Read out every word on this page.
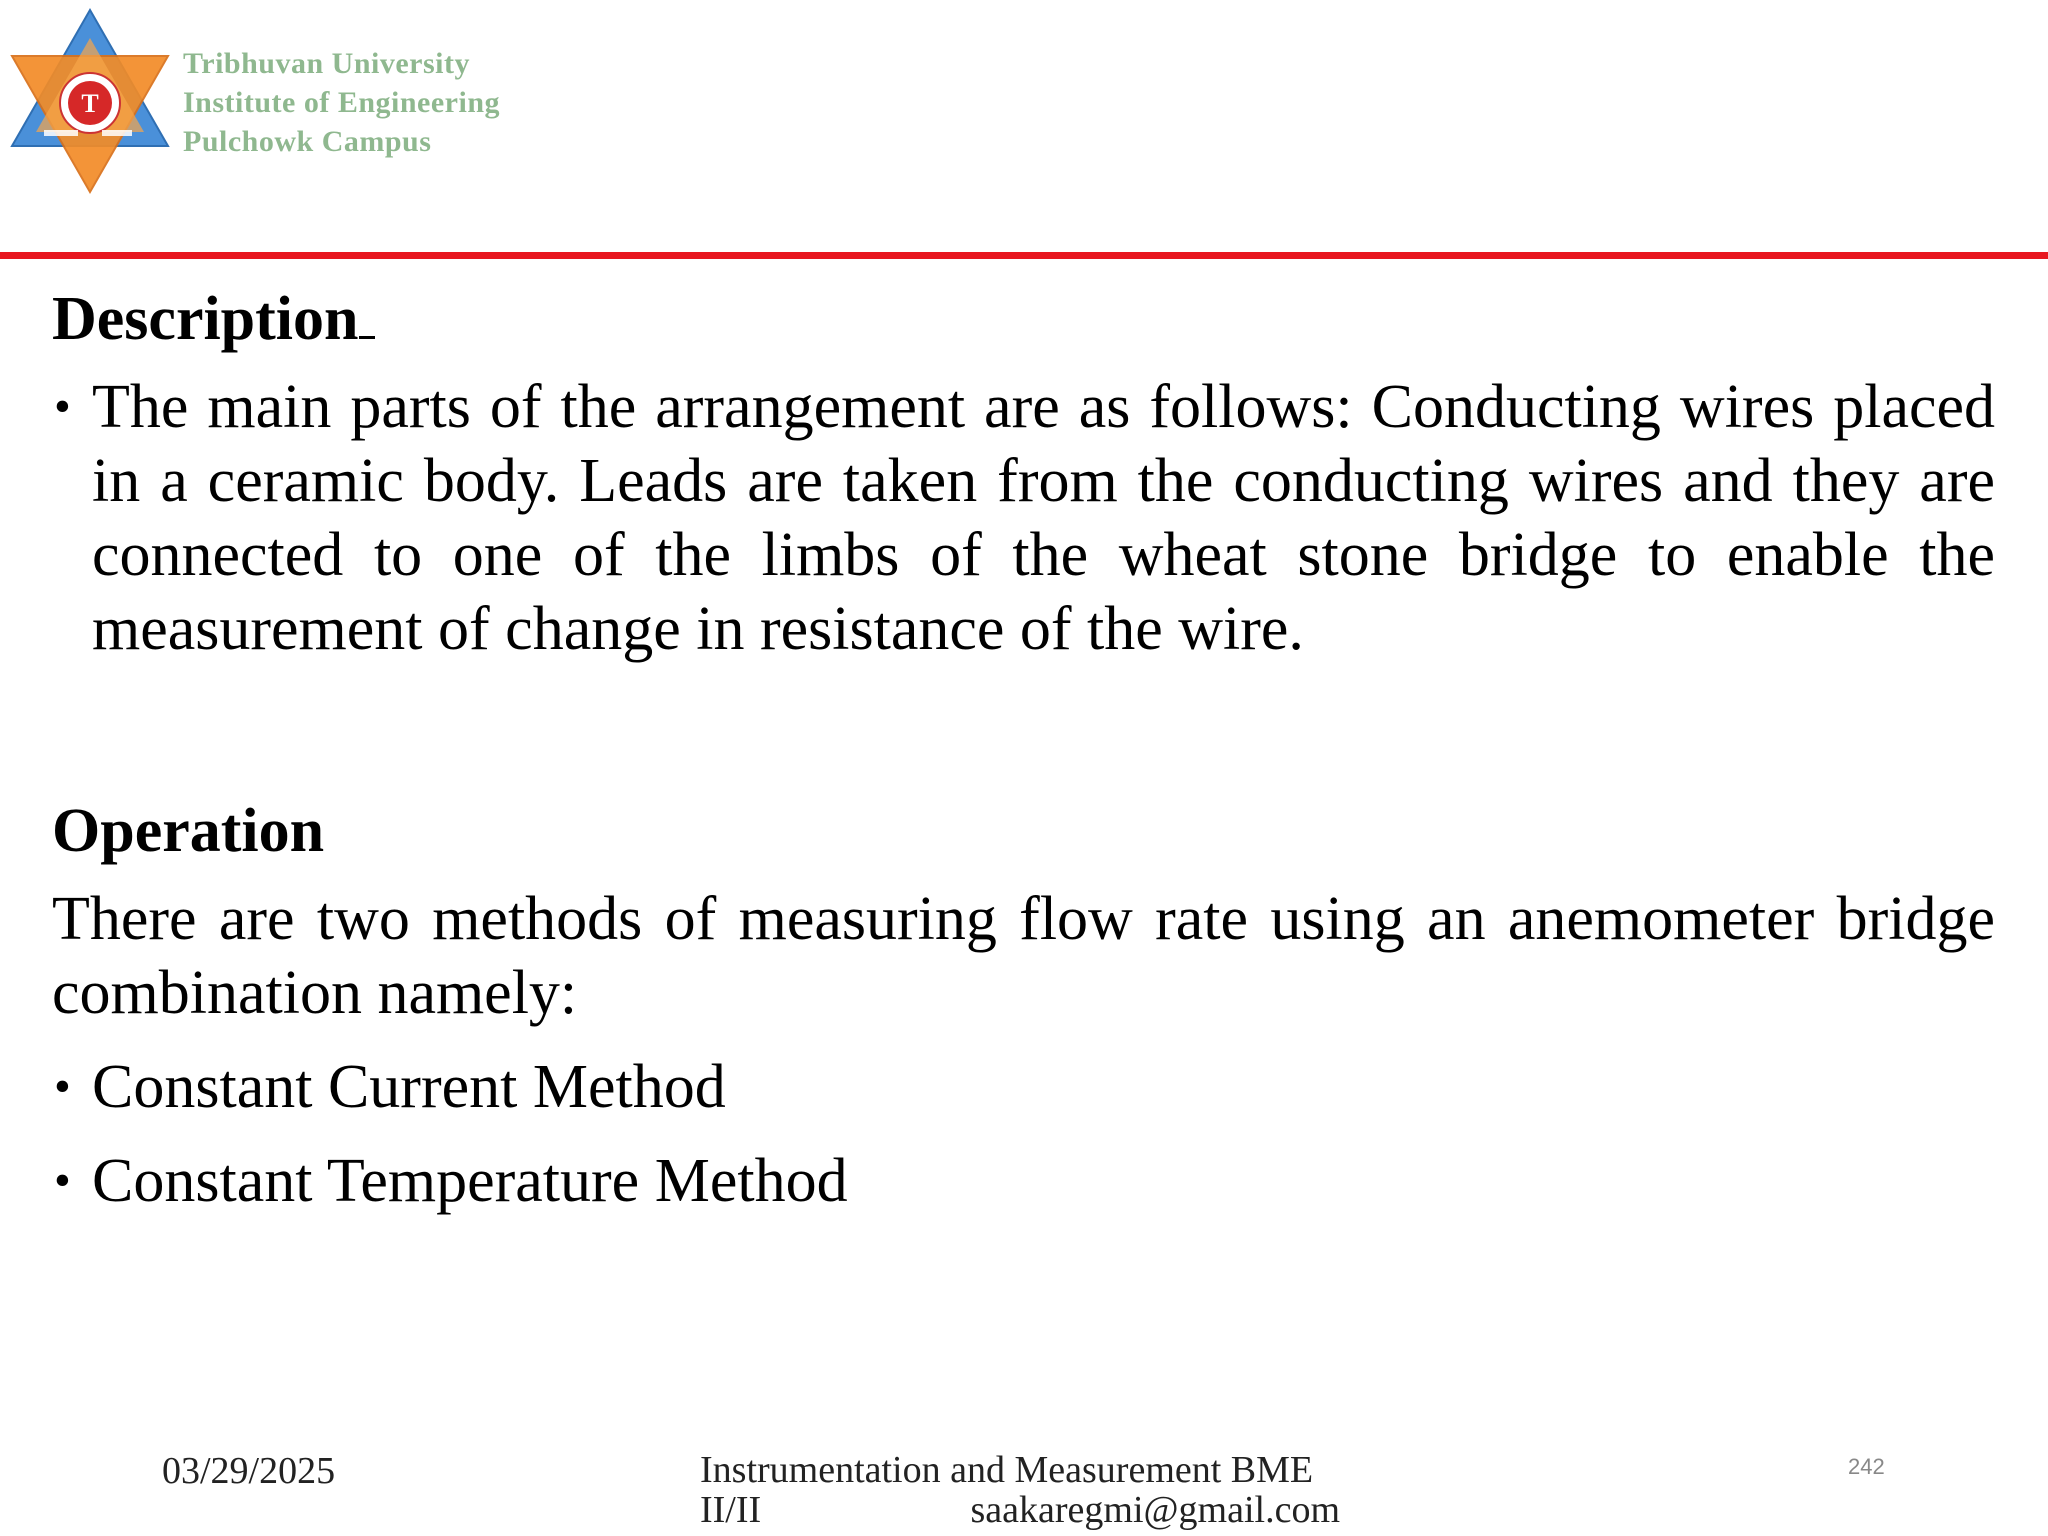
T
Tribhuvan University
Institute of Engineering
Pulchowk Campus
Description
• The main parts of the arrangement are as follows: Conducting wires placed in a ceramic body. Leads are taken from the conducting wires and they are connected to one of the limbs of the wheat stone bridge to enable the measurement of change in resistance of the wire.
Operation

There are two methods of measuring flow rate using an anemometer bridge combination namely:

• Constant Current Method
• Constant Temperature Method
03/29/2025	Instrumentation and Measurement BME
II/II	saakaregmi@gmail.com
242
